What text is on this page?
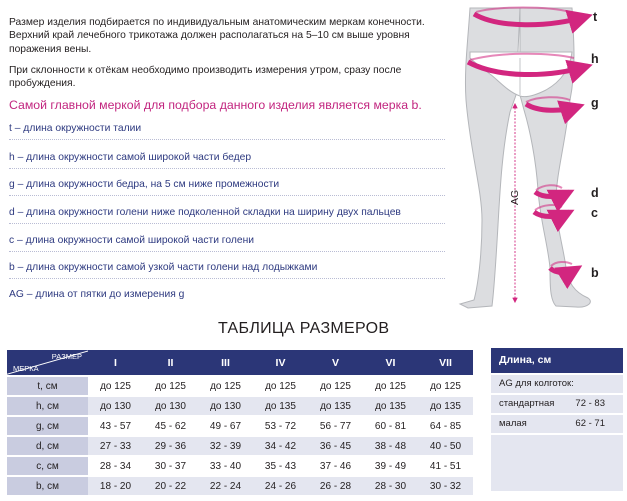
Размер изделия подбирается по индивидуальным анатомическим меркам конечности. Верхний край лечебного трикотажа должен располагаться на 5–10 см выше уровня поражения вены.

При склонности к отёкам необходимо производить измерения утром, сразу после пробуждения.

Самой главной меркой для подбора данного изделия является мерка b.
t – длина окружности талии
h – длина окружности самой широкой части бедер
g – длина окружности бедра, на 5 см ниже промежности
d – длина окружности голени ниже подколенной складки на ширину двух пальцев
c – длина окружности самой широкой части голени
b – длина окружности самой узкой части голени над лодыжками
AG – длина от пятки до измерения g
t
h
g
d
c
b
AG
ТАБЛИЦА РАЗМЕРОВ
РАЗМЕР
МЕРКА	I	II	III	IV	V	VI	VII
t, см	до 125	до 125	до 125	до 125	до 125	до 125	до 125
h, см	до 130	до 130	до 130	до 135	до 135	до 135	до 135
g, см	43 - 57	45 - 62	49 - 67	53 - 72	56 - 77	60 - 81	64 - 85
d, см	27 - 33	29 - 36	32 - 39	34 - 42	36 - 45	38 - 48	40 - 50
c, см	28 - 34	30 - 37	33 - 40	35 - 43	37 - 46	39 - 49	41 - 51
b, см	18 - 20	20 - 22	22 - 24	24 - 26	26 - 28	28 - 30	30 - 32
Длина, см
AG для колготок:
стандартная 72 - 83
малая	62 - 71
